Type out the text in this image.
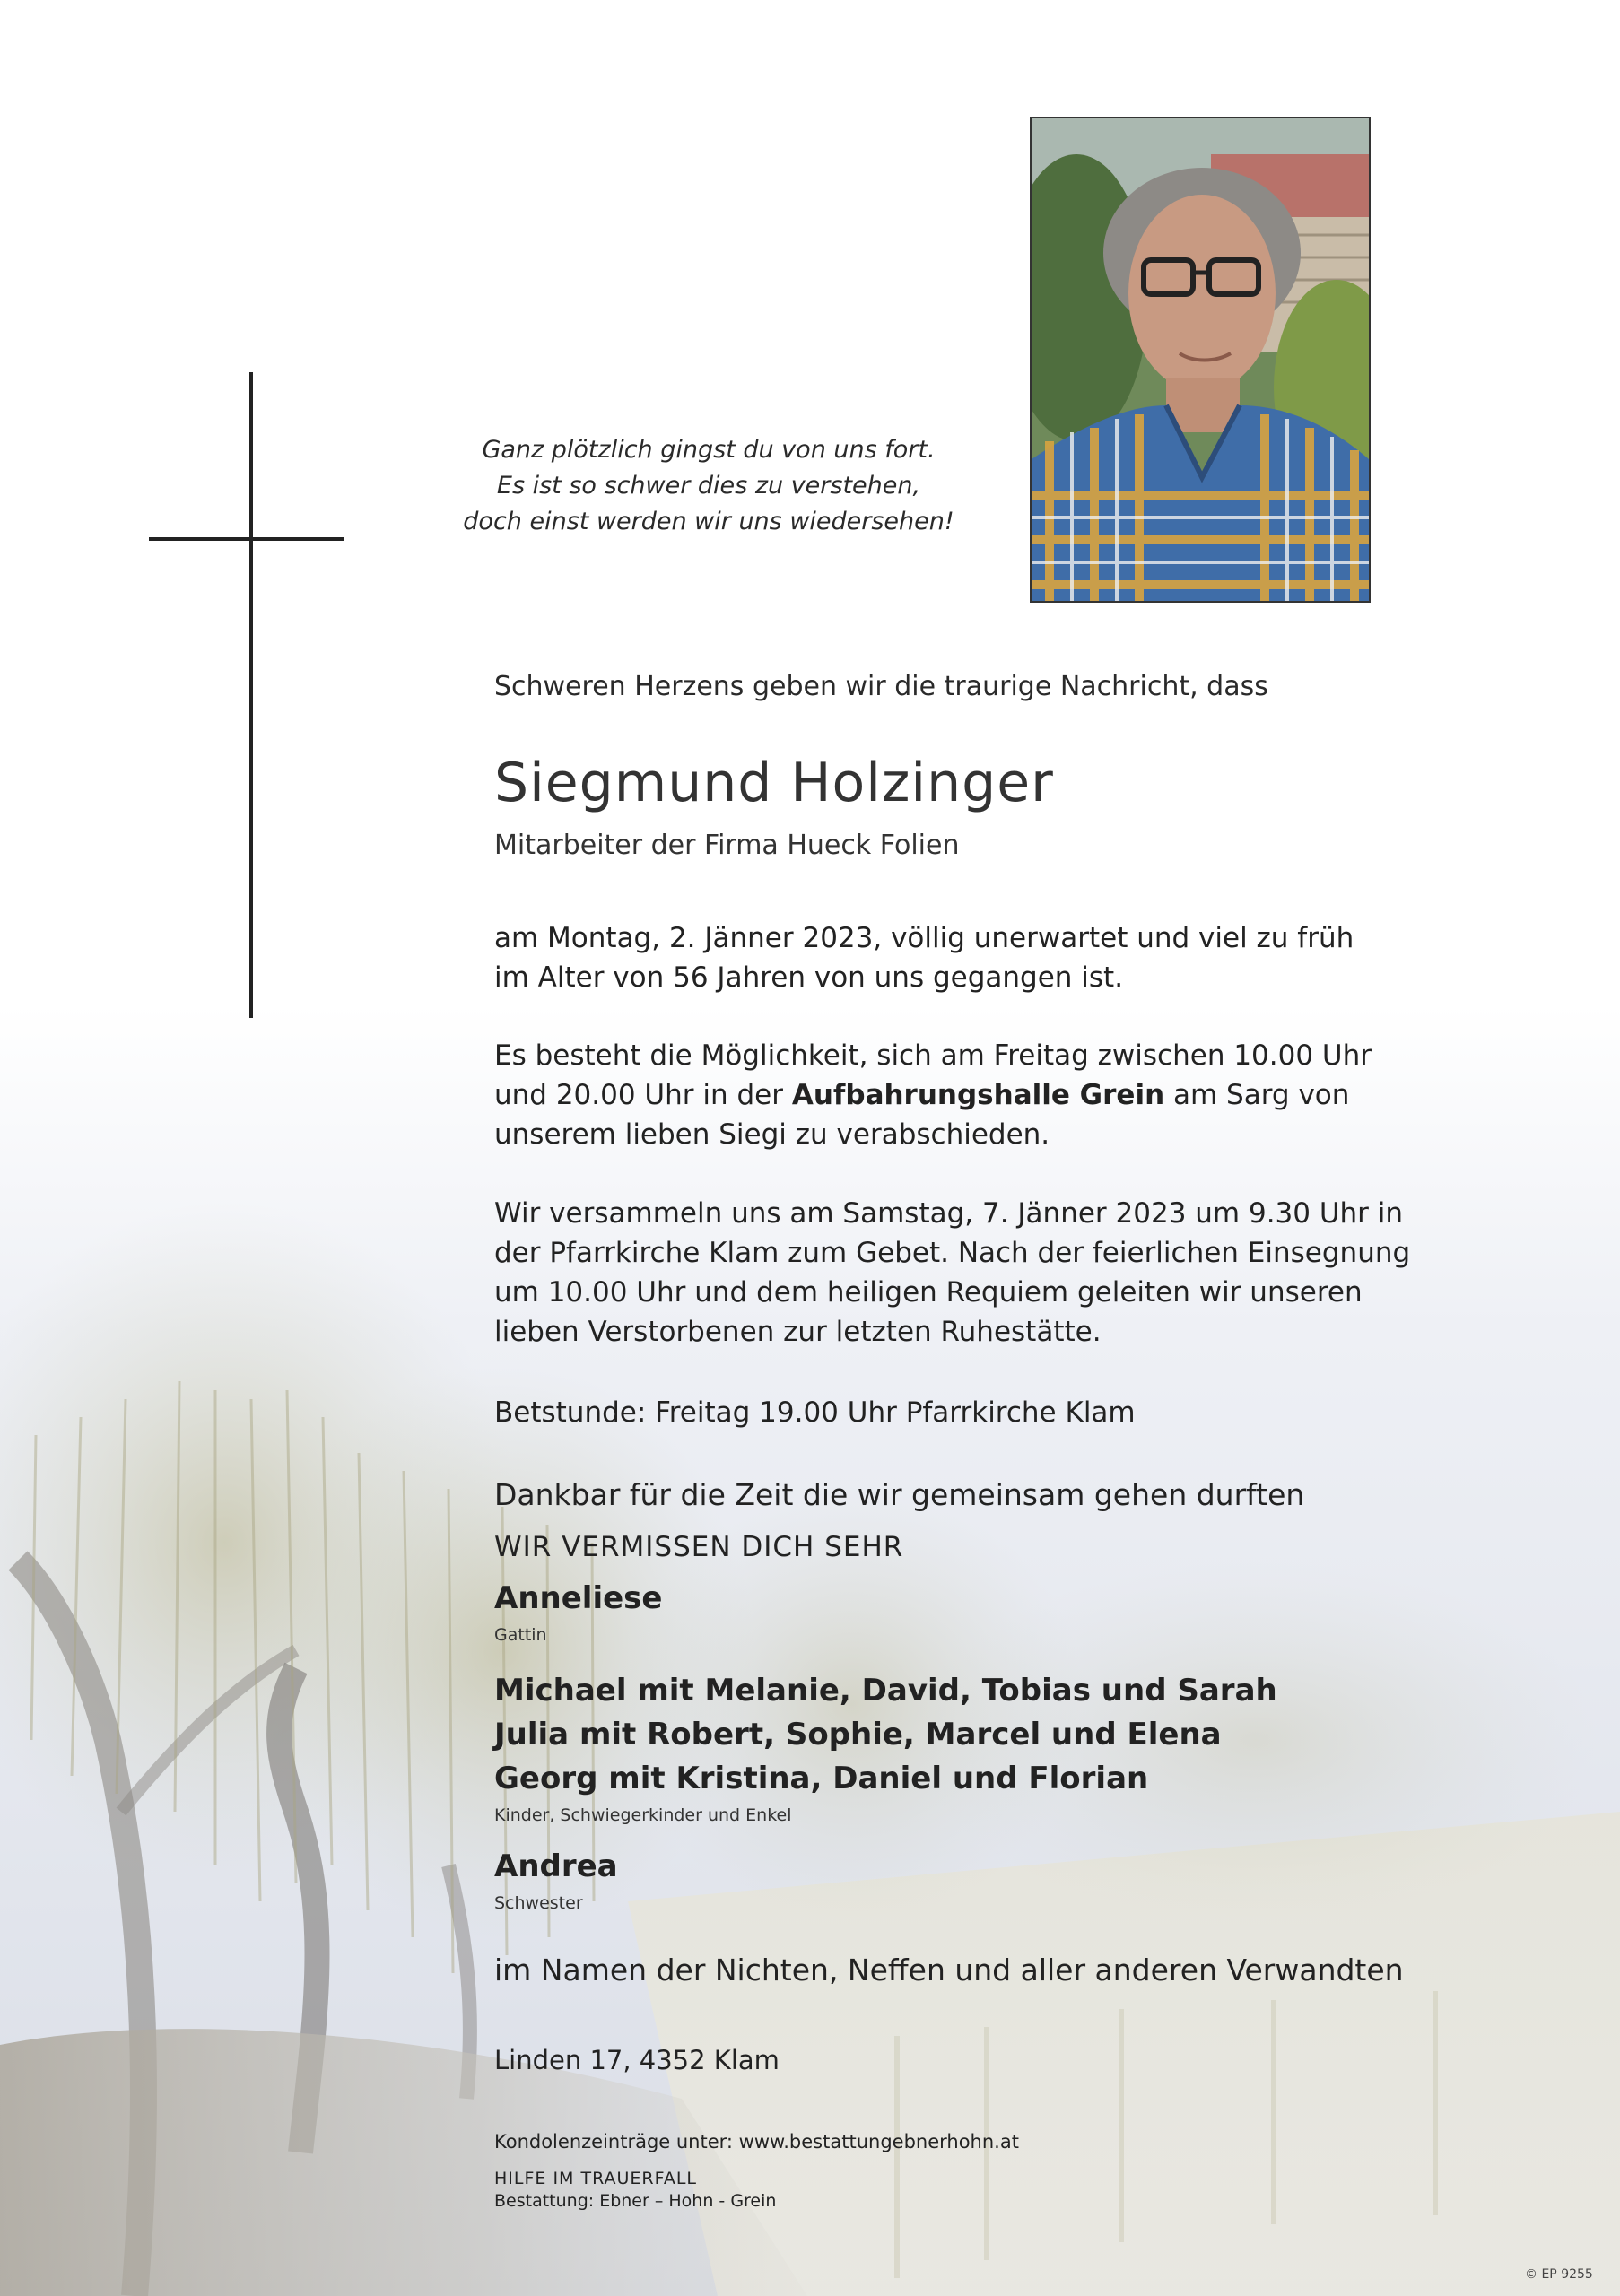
Ganz plötzlich gingst du von uns fort.
Es ist so schwer dies zu verstehen,
doch einst werden wir uns wiedersehen!
Schweren Herzens geben wir die traurige Nachricht, dass
Siegmund Holzinger
Mitarbeiter der Firma Hueck Folien
am Montag, 2. Jänner 2023, völlig unerwartet und viel zu früh
im Alter von 56 Jahren von uns gegangen ist.
Es besteht die Möglichkeit, sich am Freitag zwischen 10.00 Uhr
und 20.00 Uhr in der Aufbahrungshalle Grein am Sarg von
unserem lieben Siegi zu verabschieden.
Wir versammeln uns am Samstag, 7. Jänner 2023 um 9.30 Uhr in
der Pfarrkirche Klam zum Gebet. Nach der feierlichen Einsegnung
um 10.00 Uhr und dem heiligen Requiem geleiten wir unseren
lieben Verstorbenen zur letzten Ruhestätte.
Betstunde: Freitag 19.00 Uhr Pfarrkirche Klam
Dankbar für die Zeit die wir gemeinsam gehen durften
WIR VERMISSEN DICH SEHR
Anneliese
Gattin
Michael mit Melanie, David, Tobias und Sarah
Julia mit Robert, Sophie, Marcel und Elena
Georg mit Kristina, Daniel und Florian
Kinder, Schwiegerkinder und Enkel
Andrea
Schwester
im Namen der Nichten, Neffen und aller anderen Verwandten
Linden 17, 4352 Klam
Kondolenzeinträge unter: www.bestattungebnerhohn.at
HILFE IM TRAUERFALL
Bestattung: Ebner – Hohn - Grein
© EP 9255
